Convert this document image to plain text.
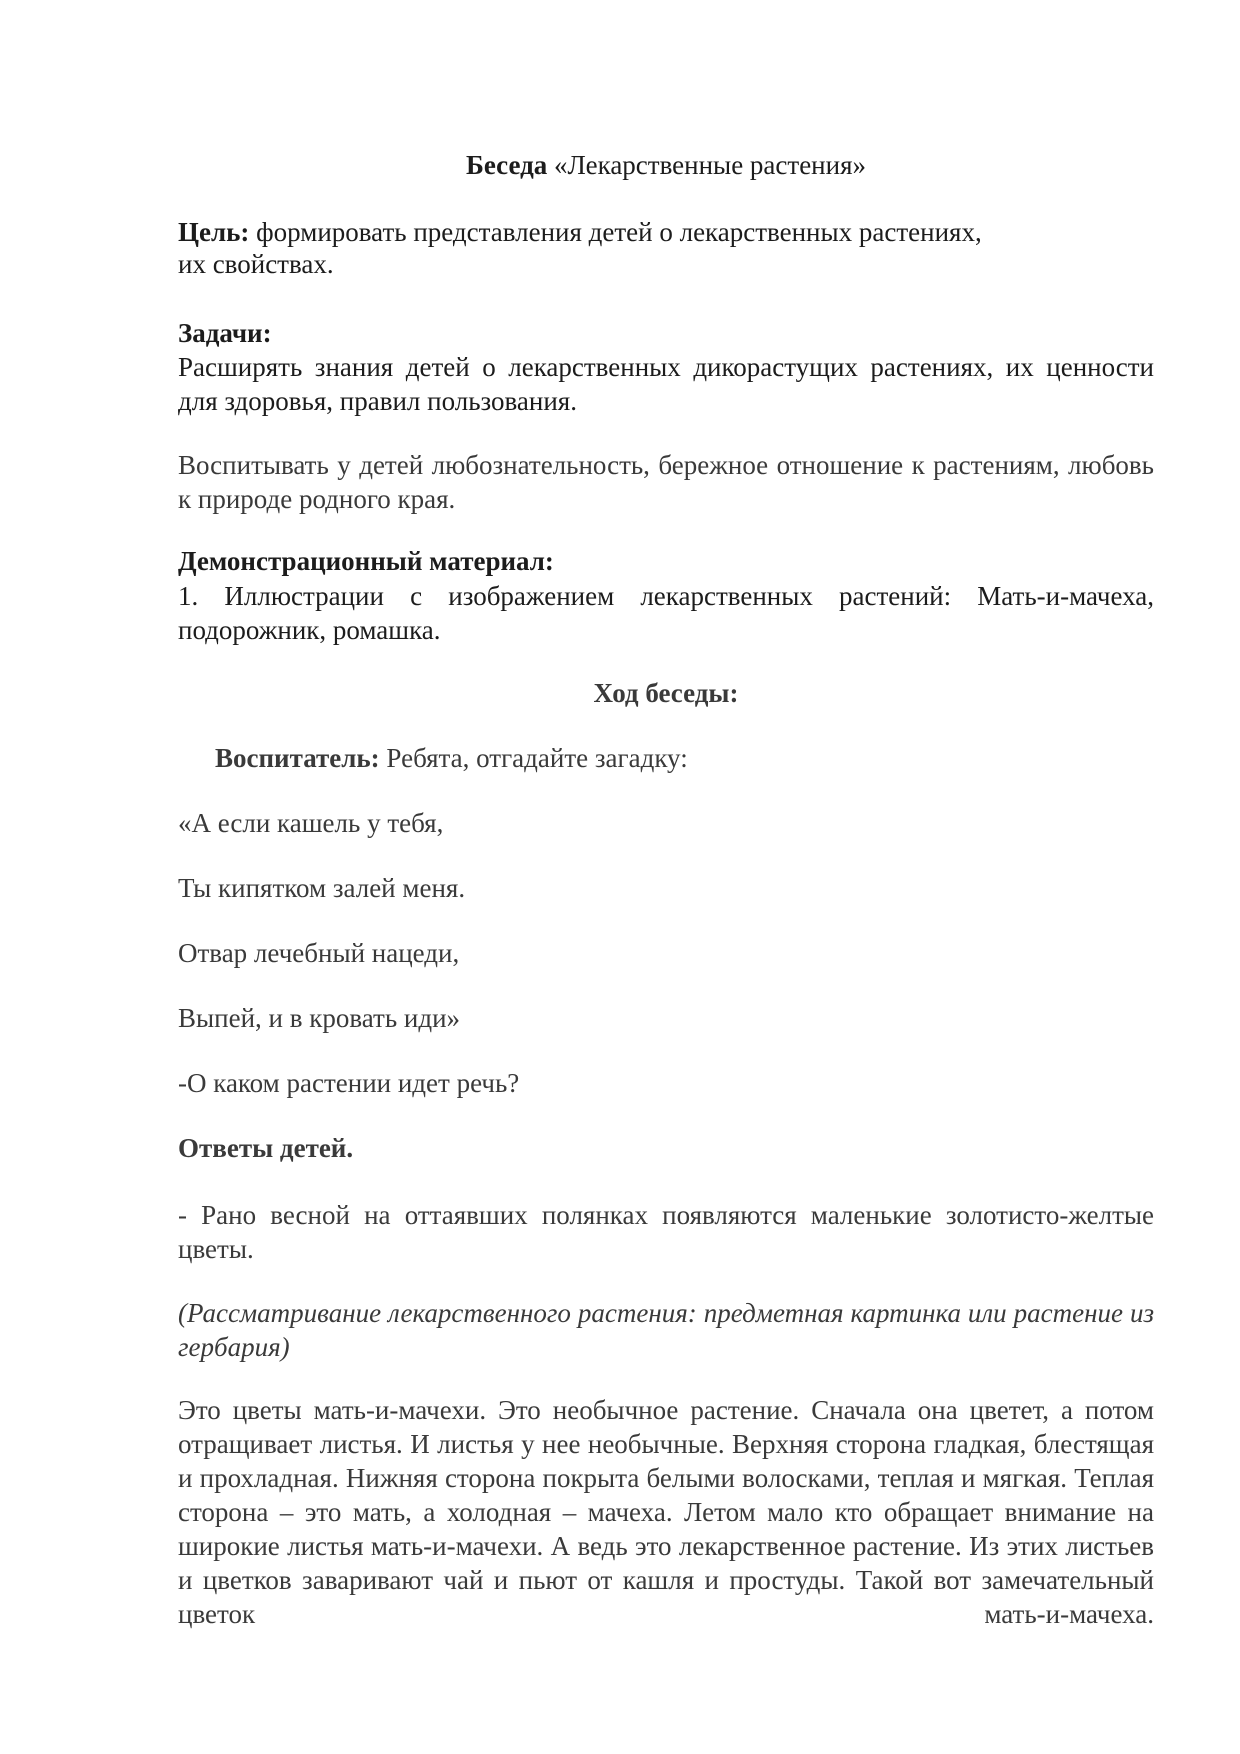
Беседа «Лекарственные растения»

Цель: формировать представления детей о лекарственных растениях,
их свойствах.

Задачи:

Расширять знания детей о лекарственных дикорастущих растениях, их ценности для здоровья, правил пользования.

Воспитывать у детей любознательность, бережное отношение к растениям, любовь к природе родного края.

Демонстрационный материал:

1. Иллюстрации с изображением лекарственных растений: Мать-и-мачеха, подорожник, ромашка.

Ход беседы:

Воспитатель: Ребята, отгадайте загадку:

«А если кашель у тебя,

Ты кипятком залей меня.

Отвар лечебный нацеди,

Выпей, и в кровать иди»

-О каком растении идет речь?

Ответы детей.

- Рано весной на оттаявших полянках появляются маленькие золотисто-желтые цветы.

(Рассматривание лекарственного растения: предметная картинка или растение из гербария)

Это цветы мать-и-мачехи. Это необычное растение. Сначала она цветет, а потом отращивает листья. И листья у нее необычные. Верхняя сторона гладкая, блестящая и прохладная. Нижняя сторона покрыта белыми волосками, теплая и мягкая. Теплая сторона – это мать, а холодная – мачеха. Летом мало кто обращает внимание на широкие листья мать-и-мачехи. А ведь это лекарственное растение. Из этих листьев и цветков заваривают чай и пьют от кашля и простуды. Такой вот замечательный цветок мать-и-мачеха.
